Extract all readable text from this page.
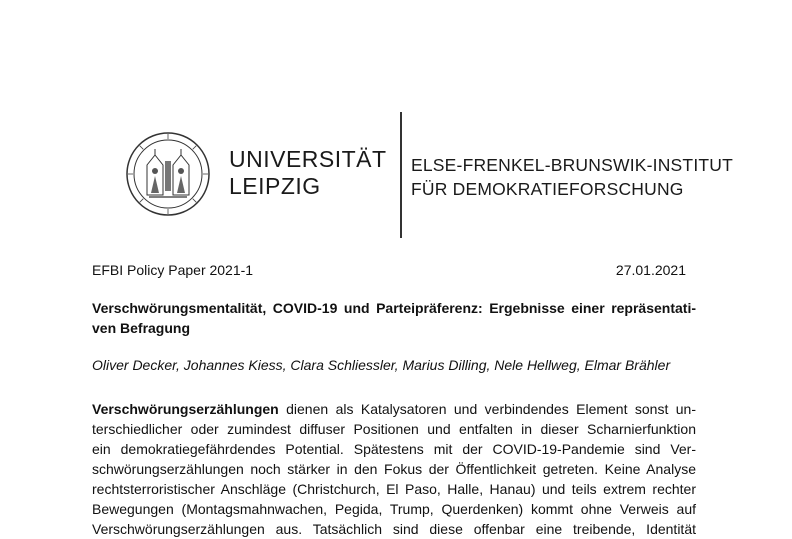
UNIVERSITÄT
LEIPZIG
ELSE-FRENKEL-BRUNSWIK-INSTITUT
FÜR DEMOKRATIEFORSCHUNG
EFBI Policy Paper 2021-1	27.01.2021
Verschwörungsmentalität, COVID-19 und Parteipräferenz: Ergebnisse einer repräsentati-
ven Befragung
Oliver Decker, Johannes Kiess, Clara Schliessler, Marius Dilling, Nele Hellweg, Elmar Brähler
Verschwörungserzählungen dienen als Katalysatoren und verbindendes Element sonst un-
terschiedlicher oder zumindest diffuser Positionen und entfalten in dieser Scharnierfunktion
ein demokratiegefährdendes Potential. Spätestens mit der COVID-19-Pandemie sind Ver-
schwörungserzählungen noch stärker in den Fokus der Öffentlichkeit getreten. Keine Analyse
rechtsterroristischer Anschläge (Christchurch, El Paso, Halle, Hanau) und teils extrem rechter
Bewegungen (Montagsmahnwachen, Pegida, Trump, Querdenken) kommt ohne Verweis auf
Verschwörungserzählungen aus. Tatsächlich sind diese offenbar eine treibende, Identität
